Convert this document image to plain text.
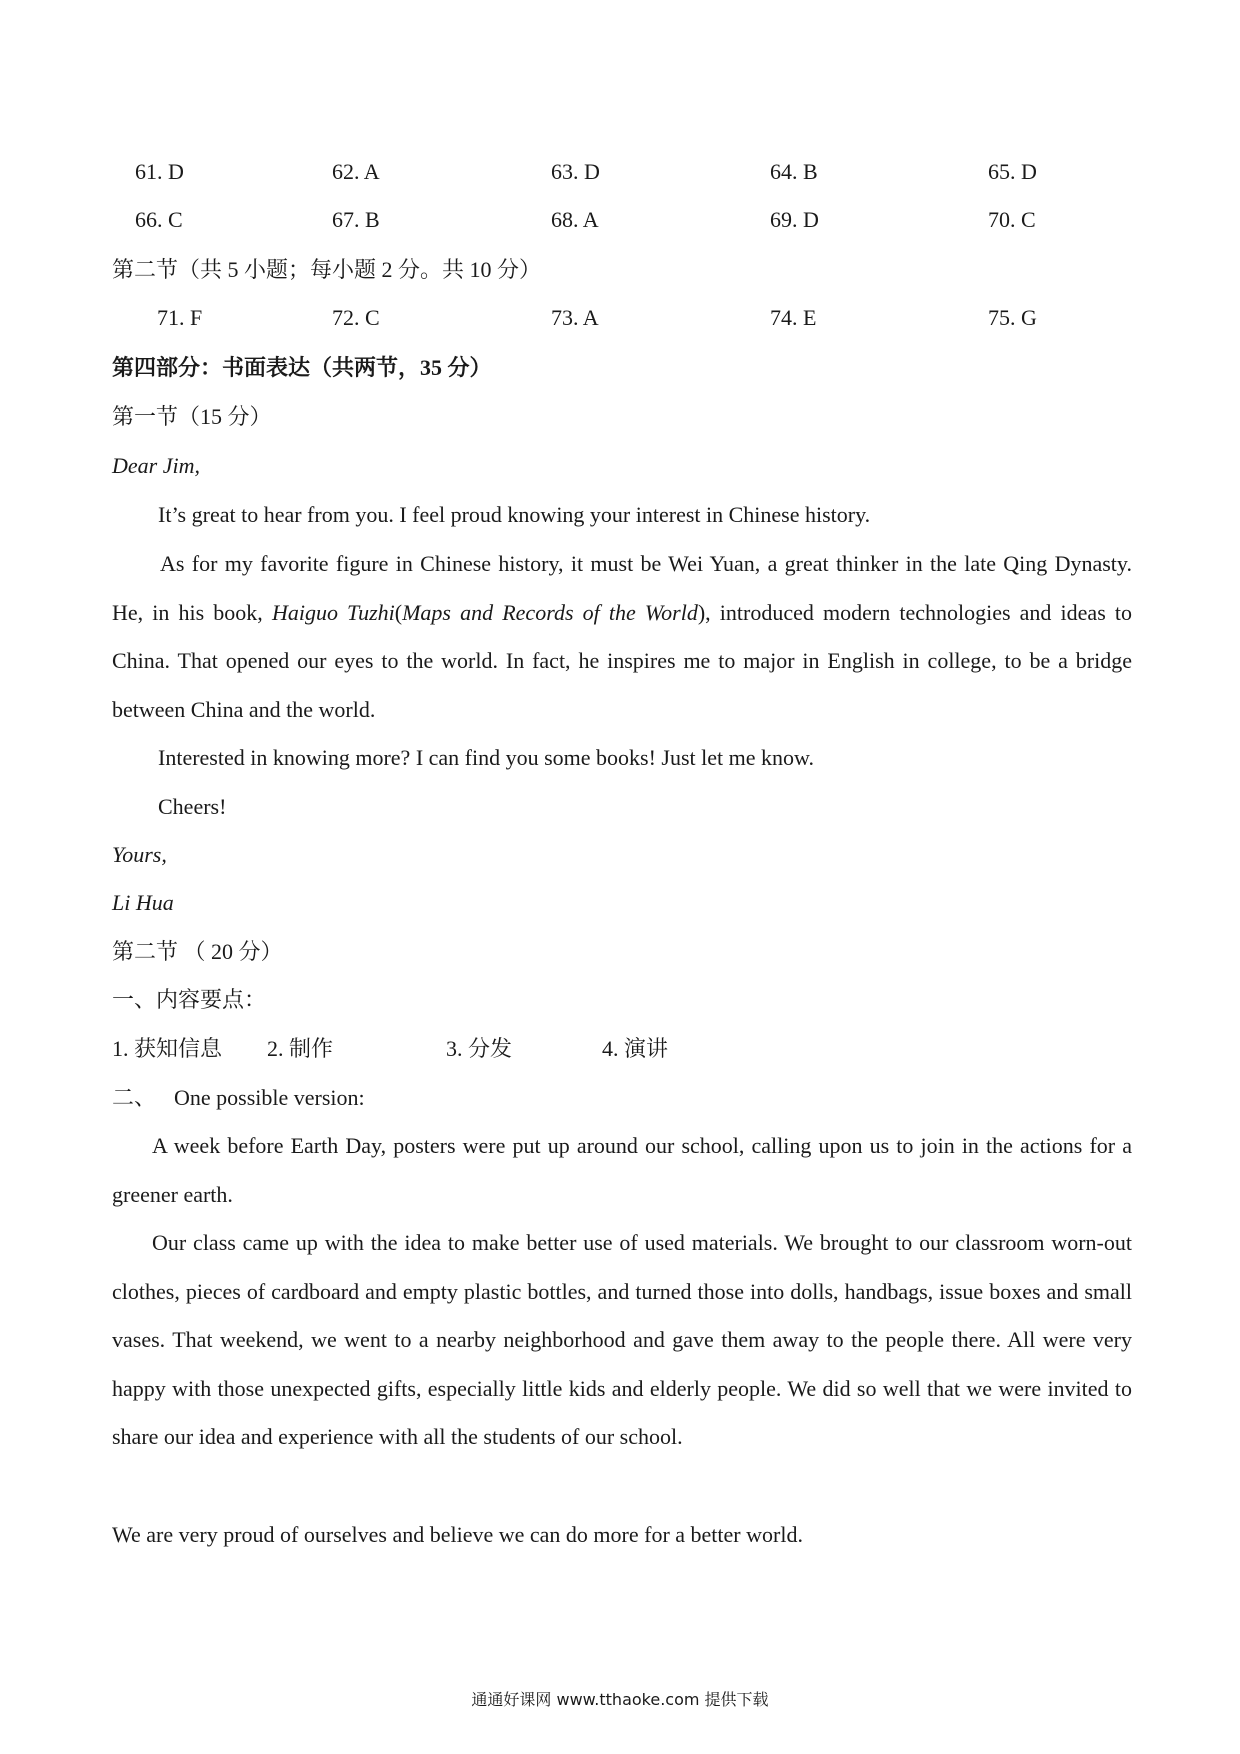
61. D	62. A	63. D	64. B	65. D
66. C	67. B	68. A	69. D	70. C
第二节（共 5 小题；每小题 2 分。共 10 分）
71. F	72. C	73. A	74. E	75. G
第四部分：书面表达（共两节，35 分）
第一节（15 分）
Dear Jim,
It’s great to hear from you. I feel proud knowing your interest in Chinese history.

As for my favorite figure in Chinese history, it must be Wei Yuan, a great thinker in the late Qing Dynasty. He, in his book, Haiguo Tuzhi(Maps and Records of the World), introduced modern technologies and ideas to China. That opened our eyes to the world. In fact, he inspires me to major in English in college, to be a bridge between China and the world.

Interested in knowing more? I can find you some books! Just let me know.
Cheers!
Yours,
Li Hua
第二节 （ 20 分）
一、内容要点：
1. 获知信息 2. 制作	3. 分发	4. 演讲
二、 One possible version:

A week before Earth Day, posters were put up around our school, calling upon us to join in the actions for a greener earth.

Our class came up with the idea to make better use of used materials. We brought to our classroom worn-out clothes, pieces of cardboard and empty plastic bottles, and turned those into dolls, handbags, issue boxes and small vases. That weekend, we went to a nearby neighborhood and gave them away to the people there. All were very happy with those unexpected gifts, especially little kids and elderly people. We did so well that we were invited to share our idea and experience with all the students of our school.

We are very proud of ourselves and believe we can do more for a better world.
通通好课网 www.tthaoke.com 提供下载
